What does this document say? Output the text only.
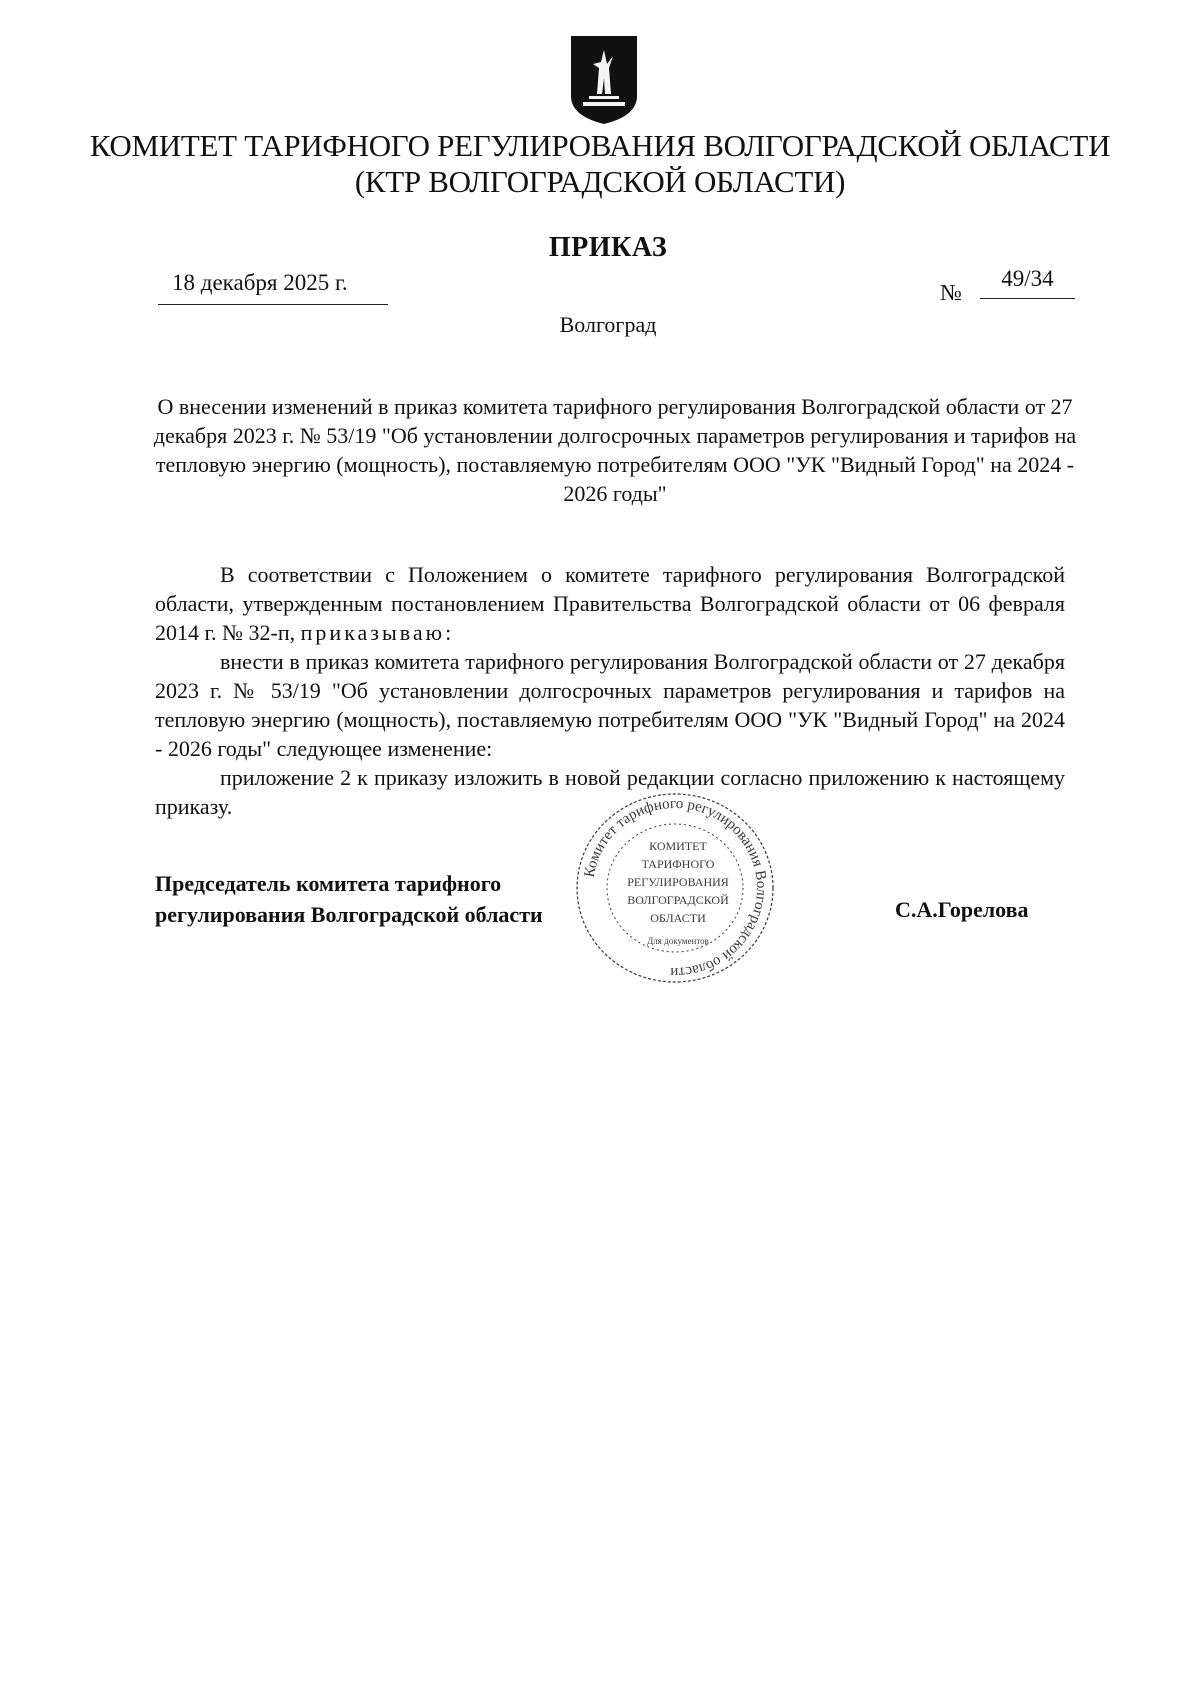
КОМИТЕТ ТАРИФНОГО РЕГУЛИРОВАНИЯ ВОЛГОГРАДСКОЙ ОБЛАСТИ
(КТР ВОЛГОГРАДСКОЙ ОБЛАСТИ)
ПРИКАЗ
18 декабря 2025 г.	№
49/34
Волгоград
О внесении изменений в приказ комитета тарифного регулирования Волгоградской области от 27 декабря 2023 г. № 53/19 "Об установлении долгосрочных параметров регулирования и тарифов на тепловую энергию (мощность), поставляемую потребителям ООО "УК "Видный Город" на 2024 - 2026 годы"

В соответствии с Положением о комитете тарифного регулирования Волгоградской области, утвержденным постановлением Правительства Волгоградской области от 06 февраля 2014 г. № 32-п, приказываю:

внести в приказ комитета тарифного регулирования Волгоградской области от 27 декабря 2023 г. № 53/19 "Об установлении долгосрочных параметров регулирования и тарифов на тепловую энергию (мощность), поставляемую потребителям ООО "УК "Видный Город" на 2024 - 2026 годы" следующее изменение:

приложение 2 к приказу изложить в новой редакции согласно приложению к настоящему приказу.

Председатель комитета тарифного
регулирования Волгоградской области	С.А.Горелова
Комитет тарифного регулирования Волгоградской области
КОМИТЕТ
ТАРИФНОГО
РЕГУЛИРОВАНИЯ
ВОЛГОГРАДСКОЙ
ОБЛАСТИ
Для документов
